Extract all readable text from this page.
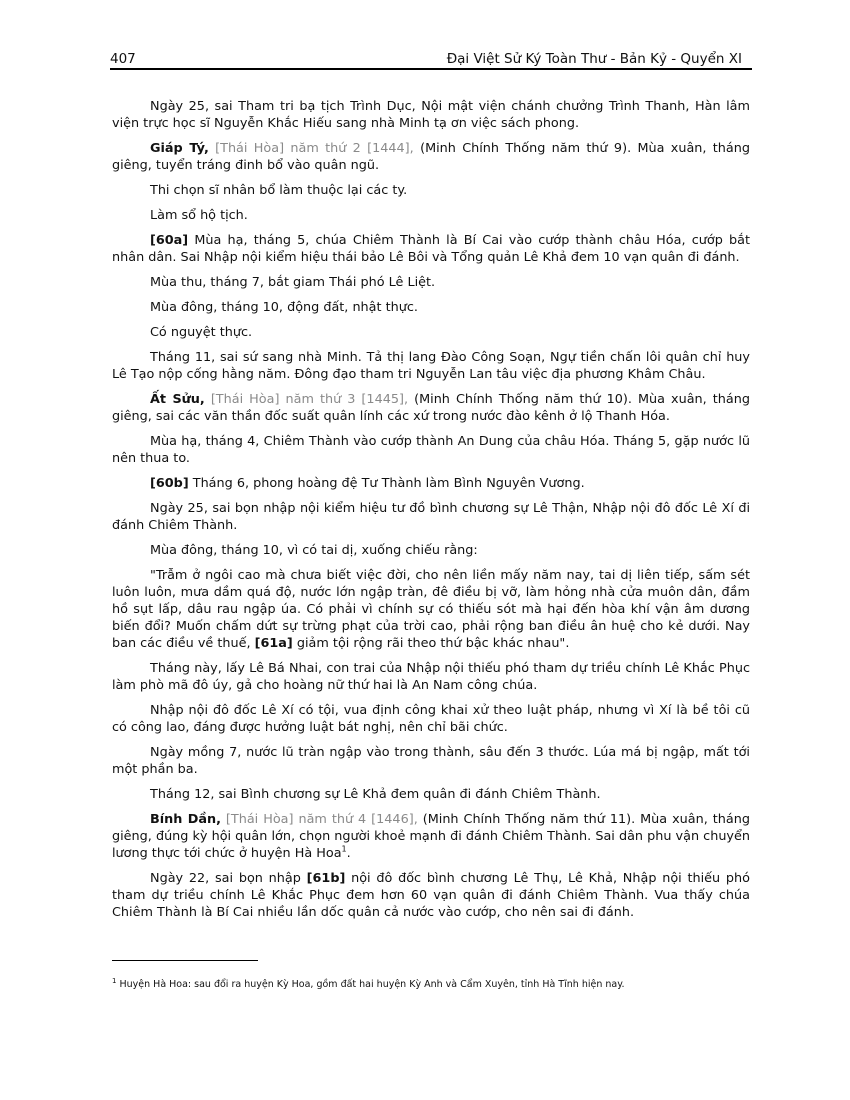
407	Đại Việt Sử Ký Toàn Thư - Bản Kỷ - Quyển XI

Ngày 25, sai Tham tri bạ tịch Trình Dục, Nội mật viện chánh chưởng Trình Thanh, Hàn lâm viện trực học sĩ Nguyễn Khắc Hiếu sang nhà Minh tạ ơn việc sách phong.

Giáp Tý, [Thái Hòa] năm thứ 2 [1444], (Minh Chính Thống năm thứ 9). Mùa xuân, tháng giêng, tuyển tráng đinh bổ vào quân ngũ.

Thi chọn sĩ nhân bổ làm thuộc lại các ty.

Làm sổ hộ tịch.

[60a] Mùa hạ, tháng 5, chúa Chiêm Thành là Bí Cai vào cướp thành châu Hóa, cướp bắt nhân dân. Sai Nhập nội kiểm hiệu thái bảo Lê Bôi và Tổng quản Lê Khả đem 10 vạn quân đi đánh.

Mùa thu, tháng 7, bắt giam Thái phó Lê Liệt.

Mùa đông, tháng 10, động đất, nhật thực.

Có nguyệt thực.

Tháng 11, sai sứ sang nhà Minh. Tả thị lang Đào Công Soạn, Ngự tiền chấn lôi quân chỉ huy Lê Tạo nộp cống hằng năm. Đông đạo tham tri Nguyễn Lan tâu việc địa phương Khâm Châu.

Ất Sửu, [Thái Hòa] năm thứ 3 [1445], (Minh Chính Thống năm thứ 10). Mùa xuân, tháng giêng, sai các văn thần đốc suất quân lính các xứ trong nước đào kênh ở lộ Thanh Hóa.

Mùa hạ, tháng 4, Chiêm Thành vào cướp thành An Dung của châu Hóa. Tháng 5, gặp nước lũ nên thua to.

[60b] Tháng 6, phong hoàng đệ Tư Thành làm Bình Nguyên Vương.

Ngày 25, sai bọn nhập nội kiểm hiệu tư đồ bình chương sự Lê Thận, Nhập nội đô đốc Lê Xí đi đánh Chiêm Thành.

Mùa đông, tháng 10, vì có tai dị, xuống chiếu rằng:

"Trẫm ở ngôi cao mà chưa biết việc đời, cho nên liền mấy năm nay, tai dị liên tiếp, sấm sét luôn luôn, mưa dầm quá độ, nước lớn ngập tràn, đê điều bị vỡ, làm hỏng nhà cửa muôn dân, đầm hồ sụt lấp, dâu rau ngập úa. Có phải vì chính sự có thiếu sót mà hại đến hòa khí vận âm dương biến đổi? Muốn chấm dứt sự trừng phạt của trời cao, phải rộng ban điều ân huệ cho kẻ dưới. Nay ban các điều về thuế, [61a] giảm tội rộng rãi theo thứ bậc khác nhau".

Tháng này, lấy Lê Bá Nhai, con trai của Nhập nội thiếu phó tham dự triều chính Lê Khắc Phục làm phò mã đô úy, gả cho hoàng nữ thứ hai là An Nam công chúa.

Nhập nội đô đốc Lê Xí có tội, vua định công khai xử theo luật pháp, nhưng vì Xí là bề tôi cũ có công lao, đáng được hưởng luật bát nghị, nên chỉ bãi chức.

Ngày mồng 7, nước lũ tràn ngập vào trong thành, sâu đến 3 thước. Lúa má bị ngập, mất tới một phần ba.

Tháng 12, sai Bình chương sự Lê Khả đem quân đi đánh Chiêm Thành.

Bính Dần, [Thái Hòa] năm thứ 4 [1446], (Minh Chính Thống năm thứ 11). Mùa xuân, tháng giêng, đúng kỳ hội quân lớn, chọn người khoẻ mạnh đi đánh Chiêm Thành. Sai dân phu vận chuyển lương thực tới chức ở huyện Hà Hoa$^1$.

Ngày 22, sai bọn nhập [61b] nội đô đốc bình chương Lê Thụ, Lê Khả, Nhập nội thiếu phó tham dự triều chính Lê Khắc Phục đem hơn 60 vạn quân đi đánh Chiêm Thành. Vua thấy chúa Chiêm Thành là Bí Cai nhiều lần dốc quân cả nước vào cướp, cho nên sai đi đánh.

$^1$ Huyện Hà Hoa: sau đổi ra huyện Kỳ Hoa, gồm đất hai huyện Kỳ Anh và Cẩm Xuyên, tỉnh Hà Tĩnh hiện nay.
